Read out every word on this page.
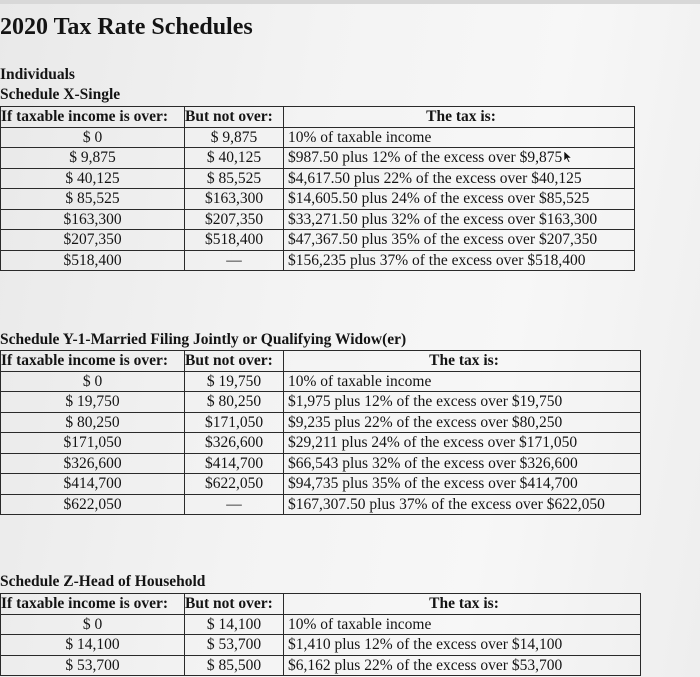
2020 Tax Rate Schedules
Individuals
Schedule X-Single
If taxable income is over:	But not over:	The tax is:
$ 0	$ 9,875	10% of taxable income
$ 9,875	$ 40,125	$987.50 plus 12% of the excess over $9,875
$ 40,125	$ 85,525	$4,617.50 plus 22% of the excess over $40,125
$ 85,525	$163,300	$14,605.50 plus 24% of the excess over $85,525
$163,300	$207,350	$33,271.50 plus 32% of the excess over $163,300
$207,350	$518,400	$47,367.50 plus 35% of the excess over $207,350
$518,400	—	$156,235 plus 37% of the excess over $518,400
Schedule Y-1-Married Filing Jointly or Qualifying Widow(er)
If taxable income is over:	But not over:	The tax is:
$ 0	$ 19,750	10% of taxable income
$ 19,750	$ 80,250	$1,975 plus 12% of the excess over $19,750
$ 80,250	$171,050	$9,235 plus 22% of the excess over $80,250
$171,050	$326,600	$29,211 plus 24% of the excess over $171,050
$326,600	$414,700	$66,543 plus 32% of the excess over $326,600
$414,700	$622,050	$94,735 plus 35% of the excess over $414,700
$622,050	—	$167,307.50 plus 37% of the excess over $622,050
Schedule Z-Head of Household
If taxable income is over:	But not over:	The tax is:
$ 0	$ 14,100	10% of taxable income
$ 14,100	$ 53,700	$1,410 plus 12% of the excess over $14,100
$ 53,700	$ 85,500	$6,162 plus 22% of the excess over $53,700
